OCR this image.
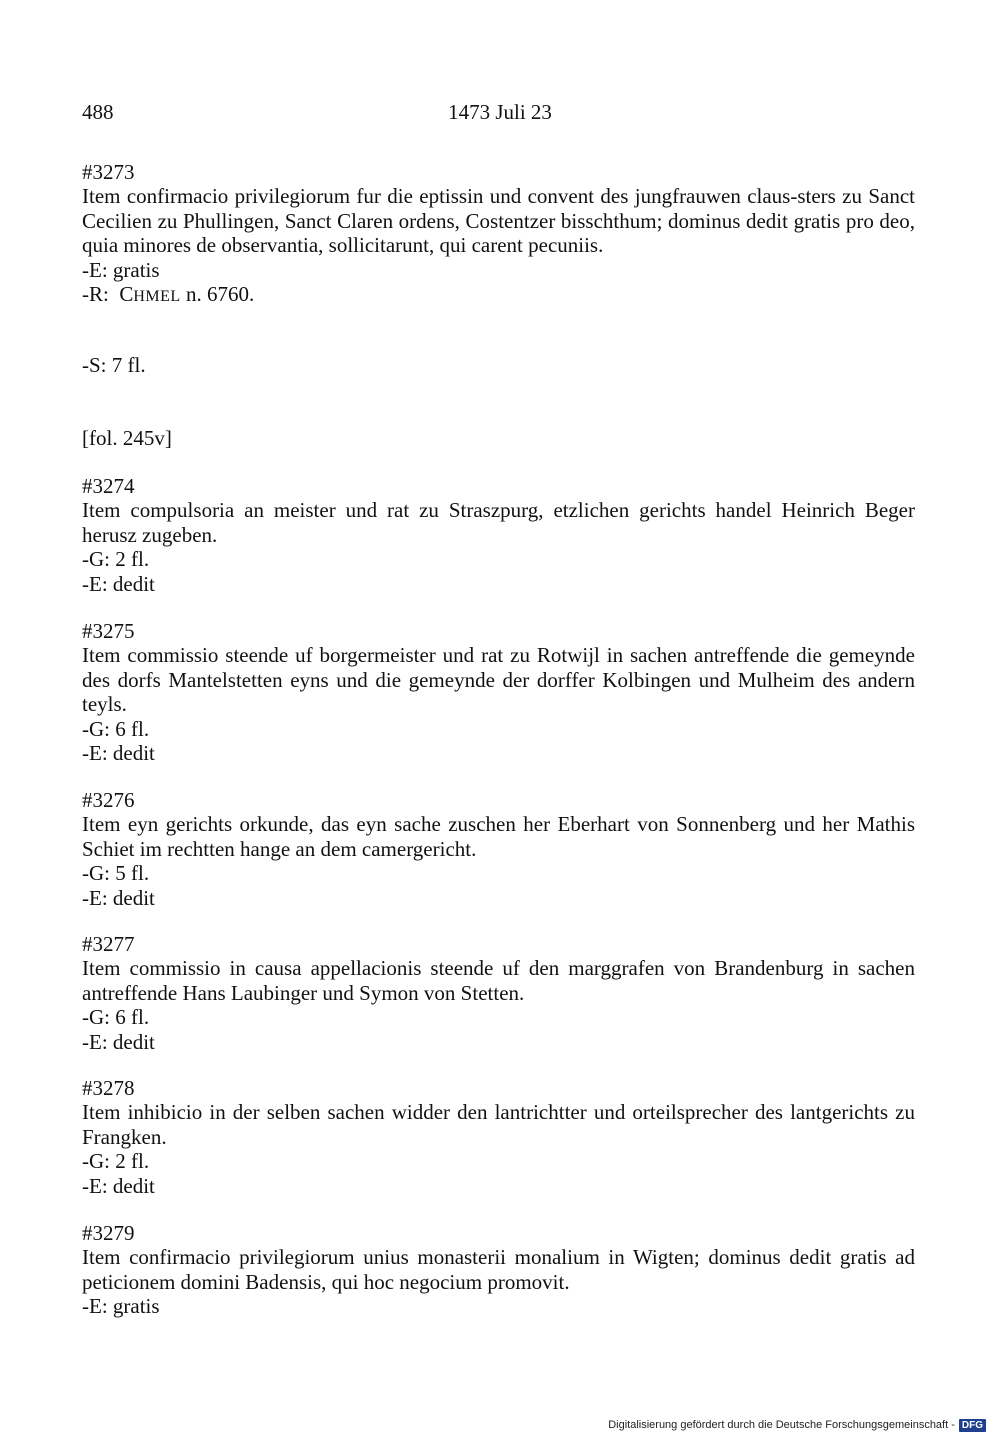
488	1473 Juli 23
#3273
Item confirmacio privilegiorum fur die eptissin und convent des jungfrauwen claus-sters zu Sanct Cecilien zu Phullingen, Sanct Claren ordens, Costentzer bisschthum; dominus dedit gratis pro deo, quia minores de observantia, sollicitarunt, qui carent pecuniis.
-E: gratis
-R: CHMEL n. 6760.
-S: 7 fl.
[fol. 245v]
#3274
Item compulsoria an meister und rat zu Straszpurg, etzlichen gerichts handel Heinrich Beger herusz zugeben.
-G: 2 fl.
-E: dedit
#3275
Item commissio steende uf borgermeister und rat zu Rotwijl in sachen antreffende die gemeynde des dorfs Mantelstetten eyns und die gemeynde der dorffer Kolbingen und Mulheim des andern teyls.
-G: 6 fl.
-E: dedit
#3276
Item eyn gerichts orkunde, das eyn sache zuschen her Eberhart von Sonnenberg und her Mathis Schiet im rechtten hange an dem camergericht.
-G: 5 fl.
-E: dedit
#3277
Item commissio in causa appellacionis steende uf den marggrafen von Brandenburg in sachen antreffende Hans Laubinger und Symon von Stetten.
-G: 6 fl.
-E: dedit
#3278
Item inhibicio in der selben sachen widder den lantrichtter und orteilsprecher des lantgerichts zu Frangken.
-G: 2 fl.
-E: dedit
#3279
Item confirmacio privilegiorum unius monasterii monalium in Wigten; dominus dedit gratis ad peticionem domini Badensis, qui hoc negocium promovit.
-E: gratis
Digitalisierung gefördert durch die Deutsche Forschungsgemeinschaft - DFG
